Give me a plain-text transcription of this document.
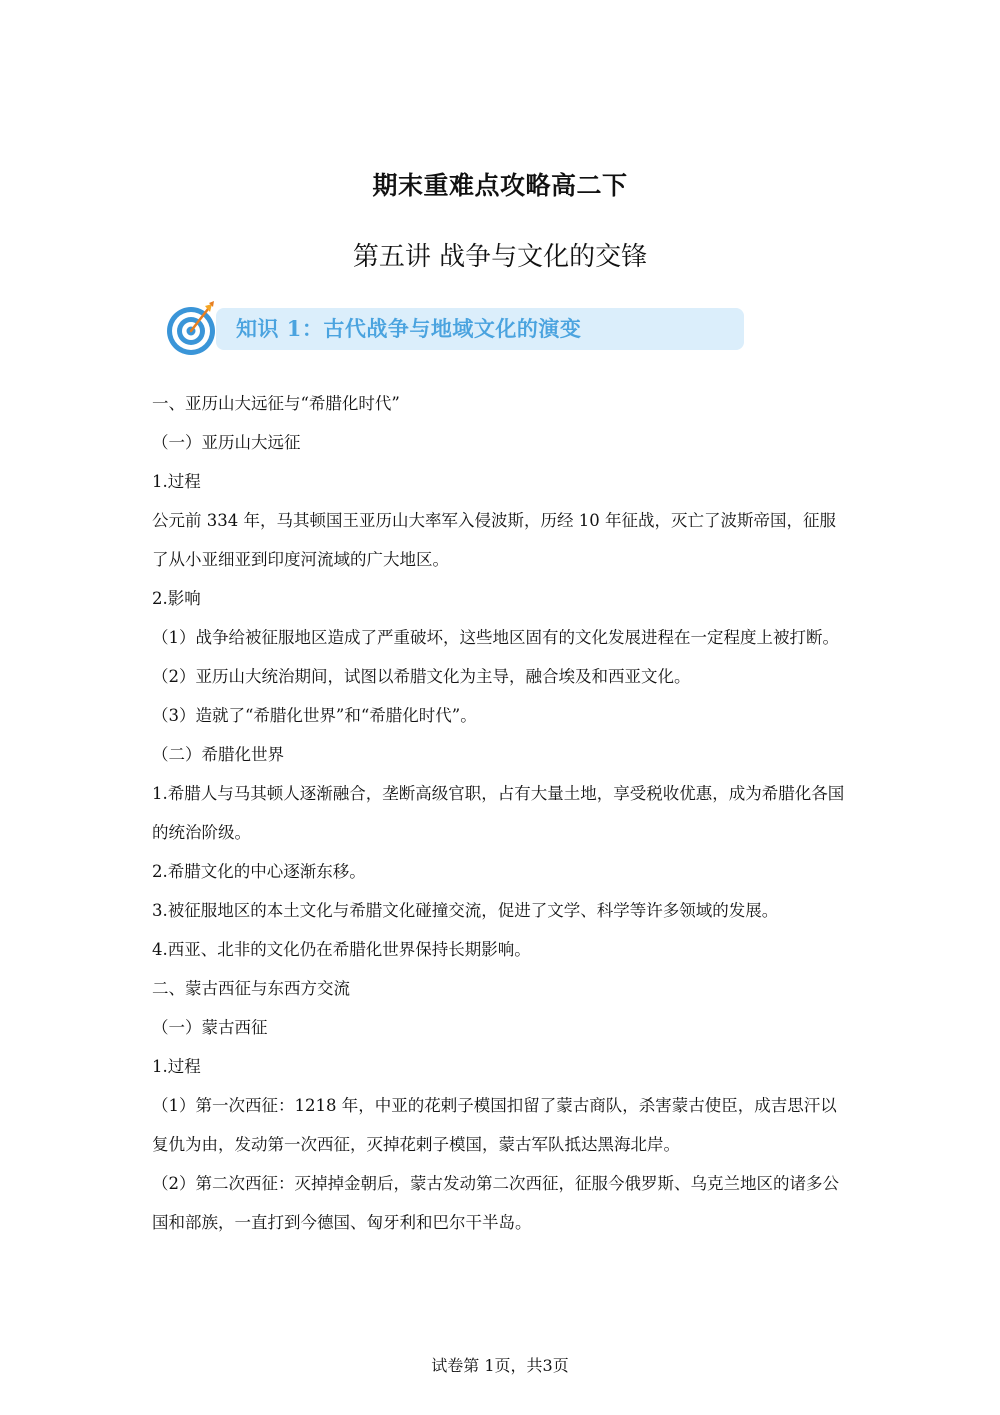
期末重难点攻略高二下
第五讲 战争与文化的交锋
知识 1：古代战争与地域文化的演变

一、亚历山大远征与“希腊化时代”

（一）亚历山大远征

1.过程

公元前 334 年，马其顿国王亚历山大率军入侵波斯，历经 10 年征战，灭亡了波斯帝国，征服了从小亚细亚到印度河流域的广大地区。

2.影响

（1）战争给被征服地区造成了严重破坏，这些地区固有的文化发展进程在一定程度上被打断。

（2）亚历山大统治期间，试图以希腊文化为主导，融合埃及和西亚文化。

（3）造就了“希腊化世界”和“希腊化时代”。

（二）希腊化世界

1.希腊人与马其顿人逐渐融合，垄断高级官职，占有大量土地，享受税收优惠，成为希腊化各国的统治阶级。

2.希腊文化的中心逐渐东移。

3.被征服地区的本土文化与希腊文化碰撞交流，促进了文学、科学等许多领域的发展。

4.西亚、北非的文化仍在希腊化世界保持长期影响。

二、蒙古西征与东西方交流

（一）蒙古西征

1.过程

（1）第一次西征：1218 年，中亚的花剌子模国扣留了蒙古商队，杀害蒙古使臣，成吉思汗以复仇为由，发动第一次西征，灭掉花剌子模国，蒙古军队抵达黑海北岸。

（2）第二次西征：灭掉掉金朝后，蒙古发动第二次西征，征服今俄罗斯、乌克兰地区的诸多公国和部族，一直打到今德国、匈牙利和巴尔干半岛。

试卷第 1页，共3页
